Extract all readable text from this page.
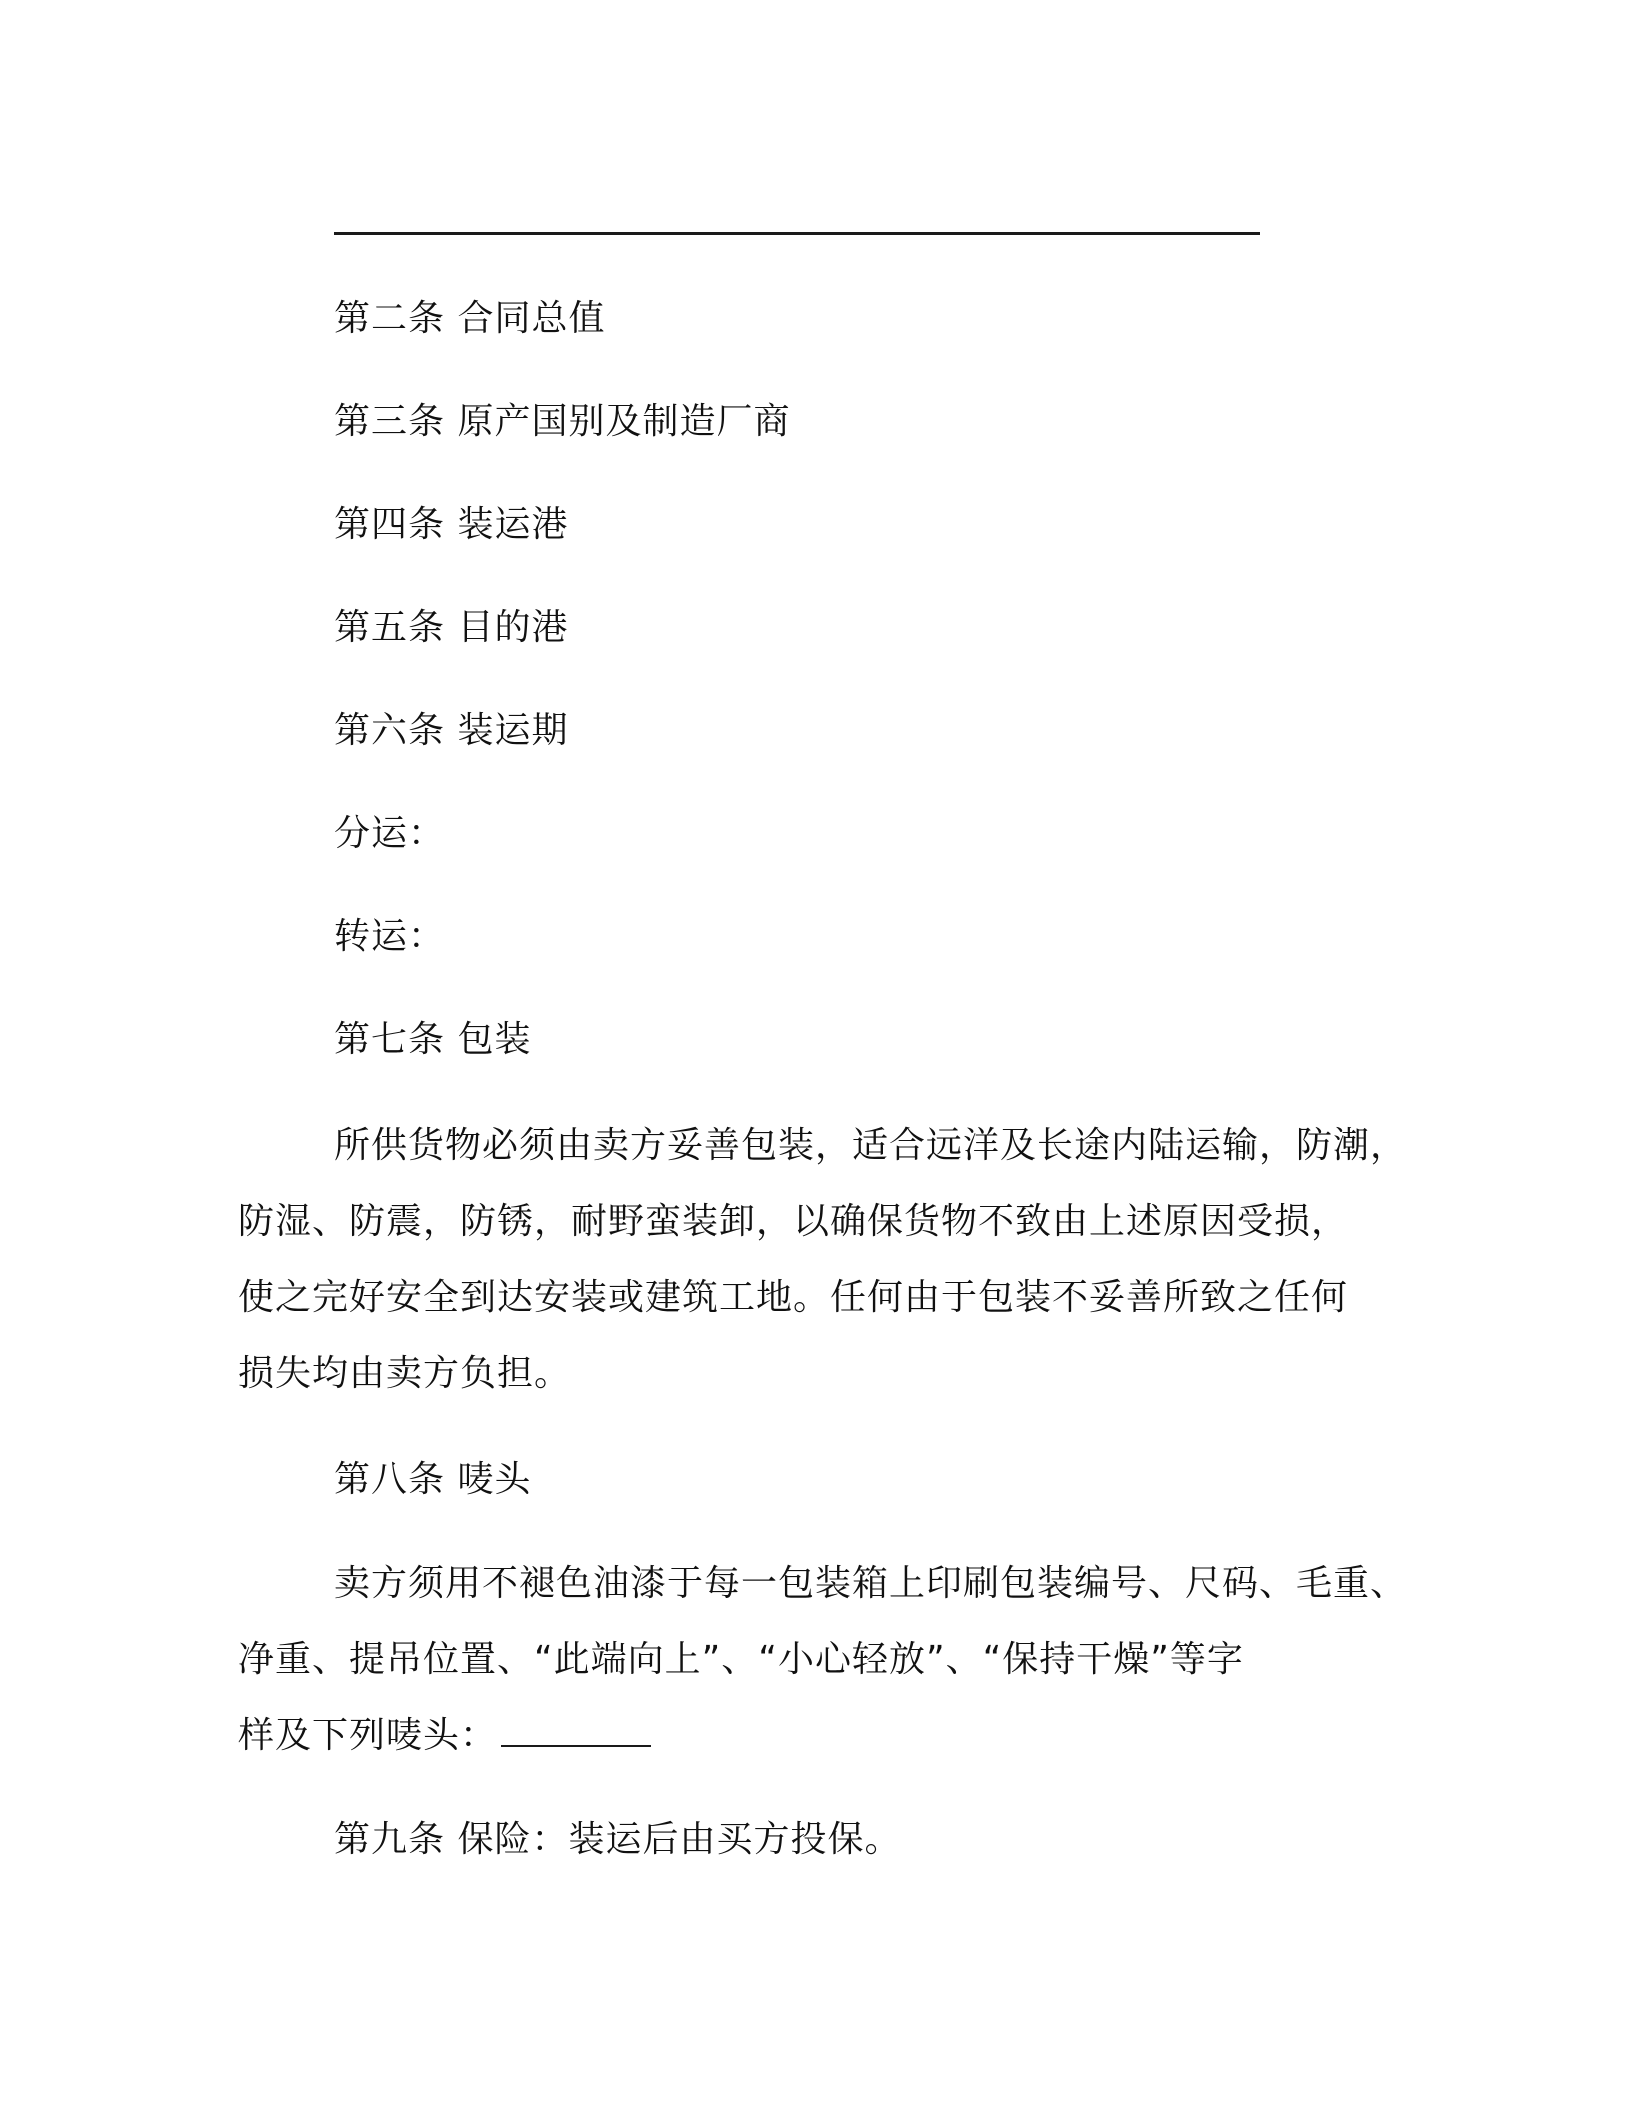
第二条 合同总值
第三条 原产国别及制造厂商
第四条 装运港
第五条 目的港
第六条 装运期
分运：
转运：
第七条 包装
所供货物必须由卖方妥善包装，适合远洋及长途内陆运输，防潮，
防湿、防震，防锈，耐野蛮装卸，以确保货物不致由上述原因受损，
使之完好安全到达安装或建筑工地。任何由于包装不妥善所致之任何
损失均由卖方负担。
第八条 唛头
卖方须用不褪色油漆于每一包装箱上印刷包装编号、尺码、毛重、
净重、提吊位置、“此端向上”、“小心轻放”、“保持干燥”等字
样及下列唛头：
第九条 保险：装运后由买方投保。
